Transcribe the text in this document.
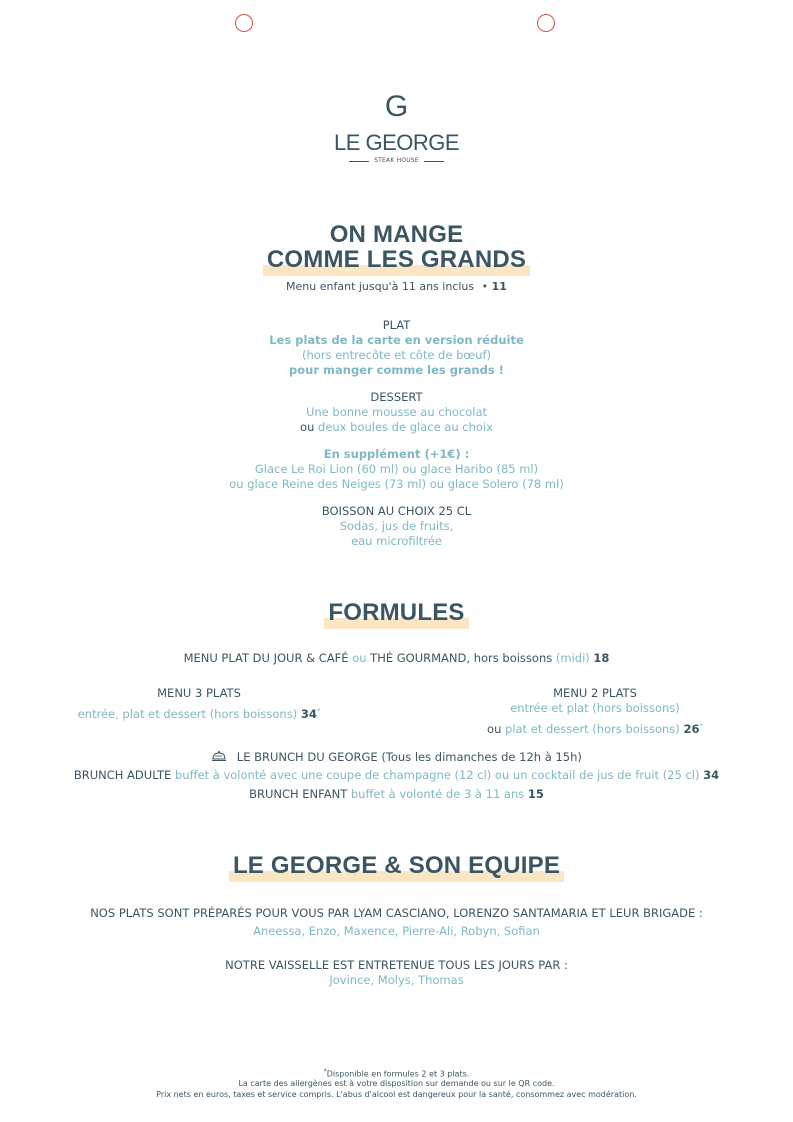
G
LE GEORGE
STEAK HOUSE
ON MANGE
COMME LES GRANDS
Menu enfant jusqu'à 11 ans inclus • 11
PLAT
Les plats de la carte en version réduite
(hors entrecôte et côte de bœuf)
pour manger comme les grands !
DESSERT
Une bonne mousse au chocolat
ou deux boules de glace au choix
En supplément (+1€) :
Glace Le Roi Lion (60 ml) ou glace Haribo (85 ml)
ou glace Reine des Neiges (73 ml) ou glace Solero (78 ml)
BOISSON AU CHOIX 25 CL
Sodas, jus de fruits,
eau microfiltrée
FORMULES
MENU PLAT DU JOUR & CAFÉ ou THÉ GOURMAND, hors boissons (midi) 18
MENU 3 PLATS
entrée, plat et dessert (hors boissons) 34*
MENU 2 PLATS
entrée et plat (hors boissons)
ou plat et dessert (hors boissons) 26*
LE BRUNCH DU GEORGE (Tous les dimanches de 12h à 15h)
BRUNCH ADULTE buffet à volonté avec une coupe de champagne (12 cl) ou un cocktail de jus de fruit (25 cl) 34
BRUNCH ENFANT buffet à volonté de 3 à 11 ans 15
LE GEORGE & SON EQUIPE
NOS PLATS SONT PRÉPARÉS POUR VOUS PAR LYAM CASCIANO, LORENZO SANTAMARIA ET LEUR BRIGADE :
Aneessa, Enzo, Maxence, Pierre-Ali, Robyn, Sofian
NOTRE VAISSELLE EST ENTRETENUE TOUS LES JOURS PAR :
Jovince, Molys, Thomas
*Disponible en formules 2 et 3 plats.
La carte des allergènes est à votre disposition sur demande ou sur le QR code.
Prix nets en euros, taxes et service compris. L'abus d'alcool est dangereux pour la santé, consommez avec modération.
